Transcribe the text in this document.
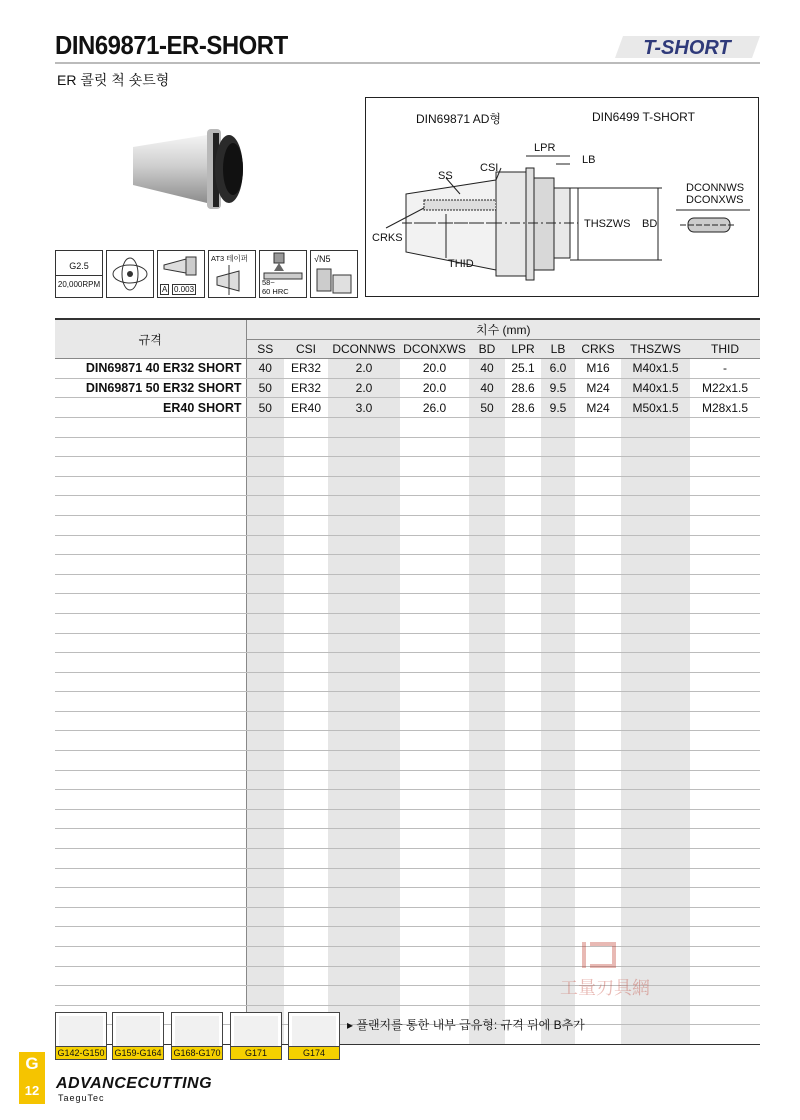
DIN69871-ER-SHORT
ER 콜릿 척 숏트형
T-SHORT
DIN69871 AD형	DIN6499 T-SHORT
LPR
LB
CSI
SS
CRKS
THID
THSZWS BD
DCONNWS
DCONXWS
G2.5
20,000RPM
A 0.003
AT3 테이퍼
58~
60 HRC
√N5
규격	치수 (mm)									
	SS	CSI	DCONNWS	DCONXWS	BD	LPR	LB	CRKS	THSZWS	THID
DIN69871 40 ER32 SHORT	40	ER32	2.0	20.0	40	25.1	6.0	M16	M40x1.5	-
DIN69871 50 ER32 SHORT	50	ER32	2.0	20.0	40	28.6	9.5	M24	M40x1.5	M22x1.5
ER40 SHORT	50	ER40	3.0	26.0	50	28.6	9.5	M24	M50x1.5	M28x1.5

工量刃具網
▸ 플랜지를 통한 내부 급유형: 규격 뒤에 B추가
G142-G150 G159-G164 G168-G170	G171	G174
G
12	ADVANCECUTTING
TaeguTec
